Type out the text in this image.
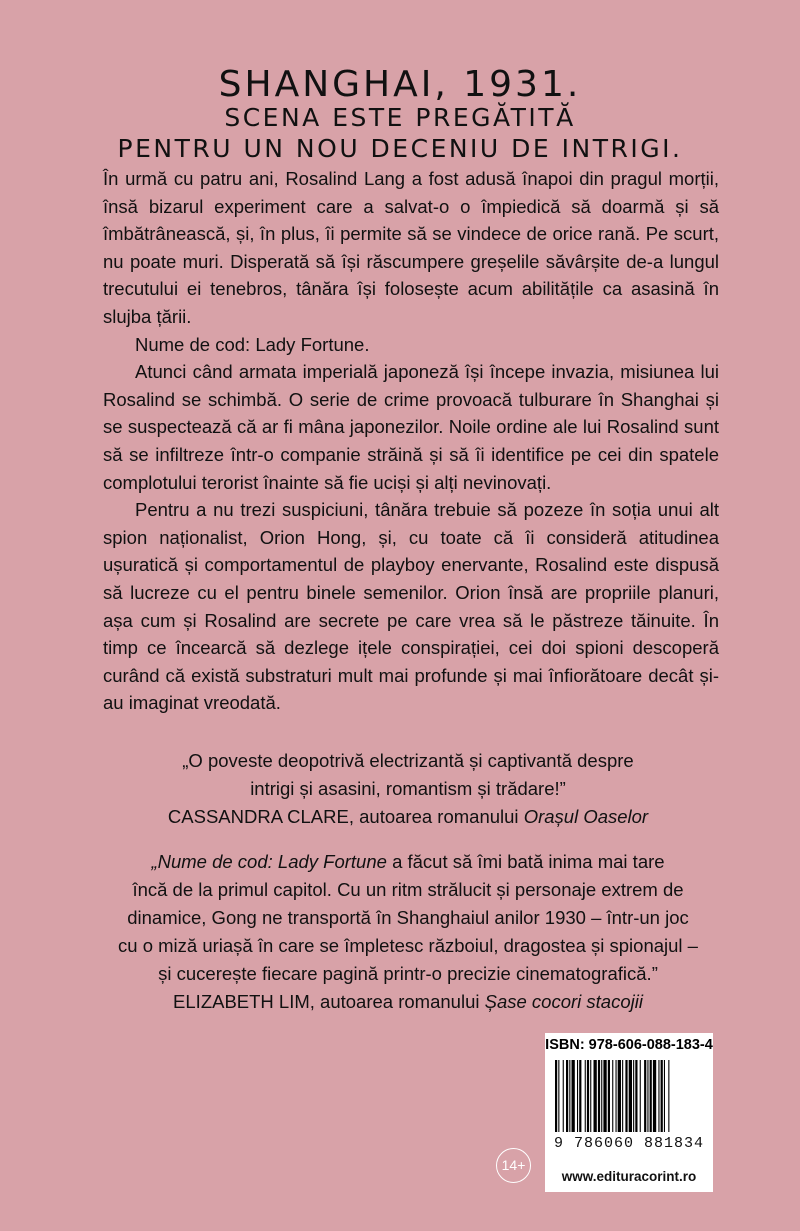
SHANGHAI, 1931.
SCENA ESTE PREGĂTITĂ
PENTRU UN NOU DECENIU DE INTRIGI.

În urmă cu patru ani, Rosalind Lang a fost adusă înapoi din pragul morții, însă bizarul experiment care a salvat-o o împiedică să doarmă și să îmbătrânească, și, în plus, îi permite să se vindece de orice rană. Pe scurt, nu poate muri. Disperată să își răscumpere greșelile săvârșite de-a lungul trecutului ei tenebros, tânăra își folosește acum abilitățile ca asasină în slujba țării.

Nume de cod: Lady Fortune.

Atunci când armata imperială japoneză își începe invazia, misiunea lui Rosalind se schimbă. O serie de crime provoacă tulburare în Shanghai și se suspectează că ar fi mâna japonezilor. Noile ordine ale lui Rosalind sunt să se infiltreze într-o companie străină și să îi identifice pe cei din spatele complotului terorist înainte să fie uciși și alți nevinovați.

Pentru a nu trezi suspiciuni, tânăra trebuie să pozeze în soția unui alt spion naționalist, Orion Hong, și, cu toate că îi consideră atitudinea ușuratică și comportamentul de playboy enervante, Rosalind este dispusă să lucreze cu el pentru binele semenilor. Orion însă are propriile planuri, așa cum și Rosalind are secrete pe care vrea să le păstreze tăinuite. În timp ce încearcă să dezlege ițele conspirației, cei doi spioni descoperă curând că există substraturi mult mai profunde și mai înfiorătoare decât și-au imaginat vreodată.

„O poveste deopotrivă electrizantă și captivantă despre
intrigi și asasini, romantism și trădare!”
CASSANDRA CLARE, autoarea romanului Orașul Oaselor
„Nume de cod: Lady Fortune a făcut să îmi bată inima mai tare
încă de la primul capitol. Cu un ritm strălucit și personaje extrem de
dinamice, Gong ne transportă în Shanghaiul anilor 1930 – într-un joc
cu o miză uriașă în care se împletesc războiul, dragostea și spionajul –
și cucerește fiecare pagină printr-o precizie cinematografică.”
ELIZABETH LIM, autoarea romanului Șase cocori stacojii
14+
ISBN: 978-606-088-183-4
9 786060 881834
www.edituracorint.ro
